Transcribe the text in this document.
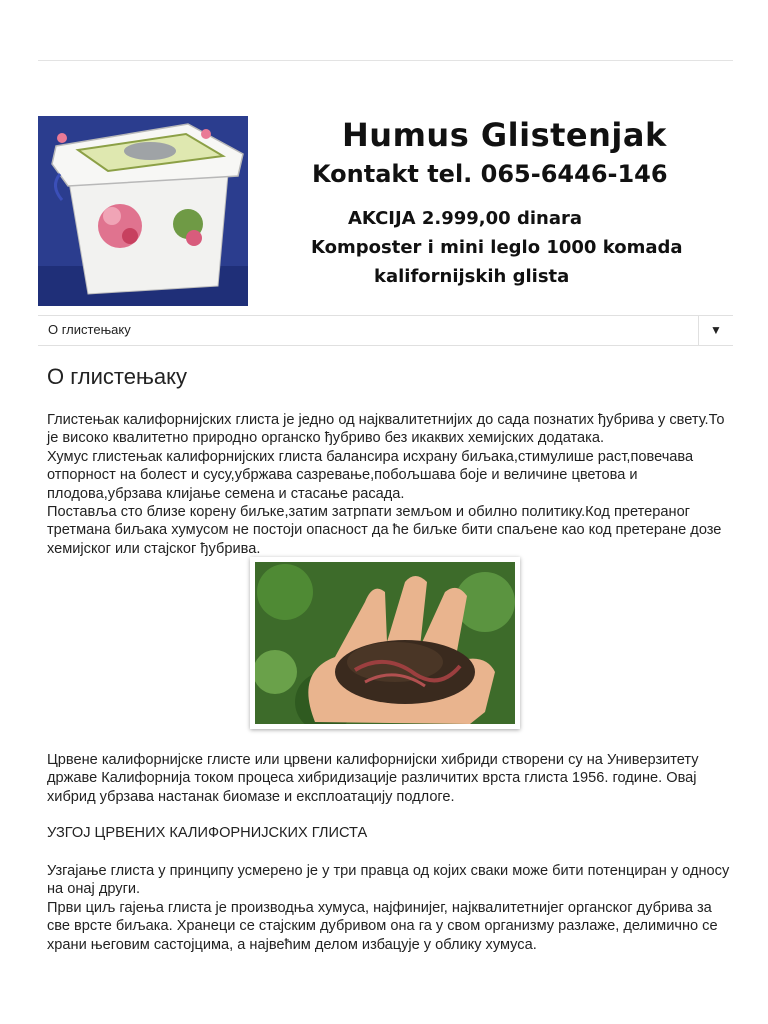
Humus Glistenjak
Kontakt tel. 065-6446-146
AKCIJA 2.999,00 dinara
Komposter i mini leglo 1000 komada
kalifornijskih glista
О глистењаку	▼
О глистењаку

Глистењак калифорнијских глиста је једно од најквалитетнијих до сада познатих ђубрива у свету.То је високо квалитетно природно органско ђубриво без икаквих хемијских додатака.

Хумус глистењак калифорнијских глиста балансира исхрану биљака,стимулише раст,повечава отпорност на болест и сусу,убржава сазревање,побољшава боје и величине цветова и плодова,убрзава клијање семена и стасање расада.

Поставља сто близе корену биљке,затим затрпати земљом и обилно политику.Код претераног третмана биљака хумусом не постоји опасност да ће биљке бити спаљене као код претеране дозе хемијског или стајског ђубрива.

Црвене калифорнијске глисте или црвени калифорнијски хибриди створени су на Универзитету државе Калифорнија током процеса хибридизације различитих врста глиста 1956. године. Овај хибрид убрзава настанак биомазе и експлоатацију подлоге.

УЗГОЈ ЦРВЕНИХ КАЛИФОРНИЈСКИХ ГЛИСТА

Узгајање глиста у принципу усмерено је у три правца од којих сваки може бити потенциран у односу на онај други.

Први циљ гајења глиста је производња хумуса, најфинијег, најквалитетнијег органског дубрива за све врсте биљака. Хранеци се стајским дубривом она га у свом организму разлаже, делимично се храни његовим састојцима, а највећим делом избацује у облику хумуса.
